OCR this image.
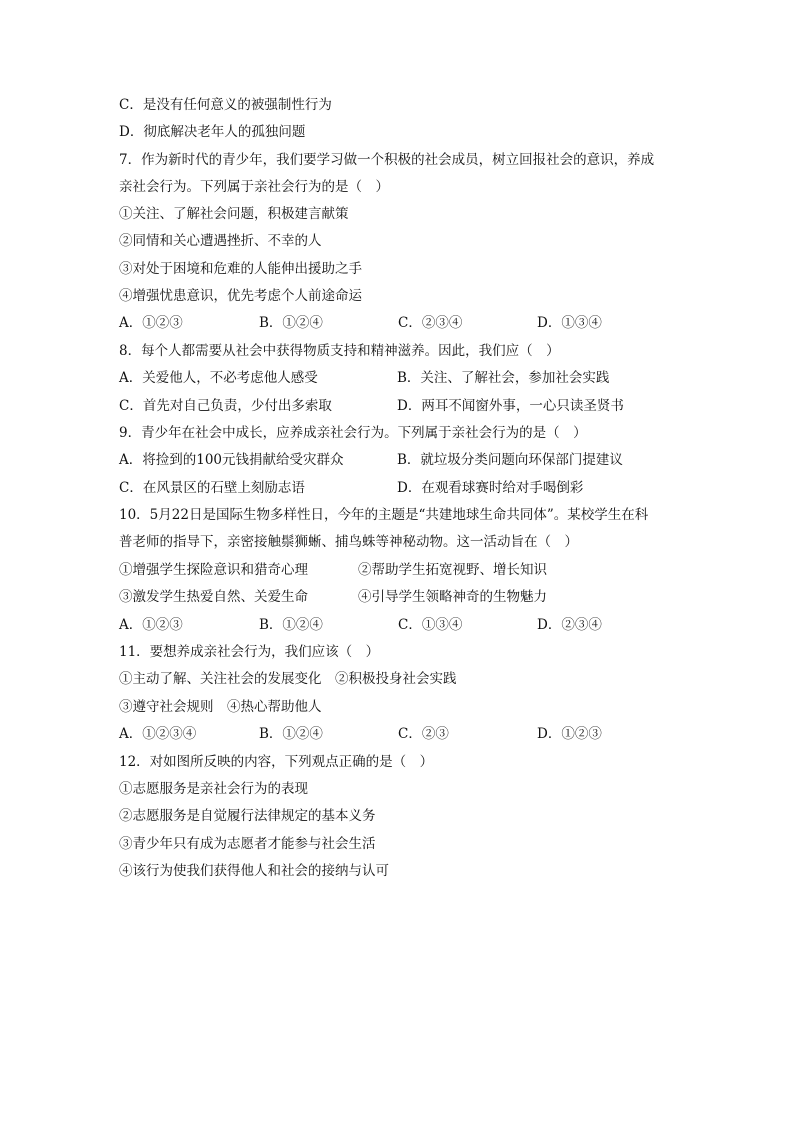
C．是没有任何意义的被强制性行为
D．彻底解决老年人的孤独问题
7．作为新时代的青少年，我们要学习做一个积极的社会成员，树立回报社会的意识，养成
亲社会行为。下列属于亲社会行为的是（　）
①关注、了解社会问题，积极建言献策
②同情和关心遭遇挫折、不幸的人
③对处于困境和危难的人能伸出援助之手
④增强忧患意识，优先考虑个人前途命运
A．①②③	B．①②④	C．②③④	D．①③④
8．每个人都需要从社会中获得物质支持和精神滋养。因此，我们应（　）
A．关爱他人，不必考虑他人感受	B．关注、了解社会，参加社会实践
C．首先对自己负责，少付出多索取	D．两耳不闻窗外事，一心只读圣贤书
9．青少年在社会中成长，应养成亲社会行为。下列属于亲社会行为的是（　）
A．将捡到的100元钱捐献给受灾群众	B．就垃圾分类问题向环保部门提建议
C．在风景区的石壁上刻励志语	D．在观看球赛时给对手喝倒彩
10．5月22日是国际生物多样性日，今年的主题是“共建地球生命共同体”。某校学生在科
普老师的指导下，亲密接触鬃狮蜥、捕鸟蛛等神秘动物。这一活动旨在（　）
①增强学生探险意识和猎奇心理	②帮助学生拓宽视野、增长知识
③激发学生热爱自然、关爱生命	④引导学生领略神奇的生物魅力
A．①②③	B．①②④	C．①③④	D．②③④
11．要想养成亲社会行为，我们应该（　）
①主动了解、关注社会的发展变化　②积极投身社会实践
③遵守社会规则　④热心帮助他人
A．①②③④	B．①②④	C．②③	D．①②③
12．对如图所反映的内容，下列观点正确的是（　）
①志愿服务是亲社会行为的表现
②志愿服务是自觉履行法律规定的基本义务
③青少年只有成为志愿者才能参与社会生活
④该行为使我们获得他人和社会的接纳与认可
